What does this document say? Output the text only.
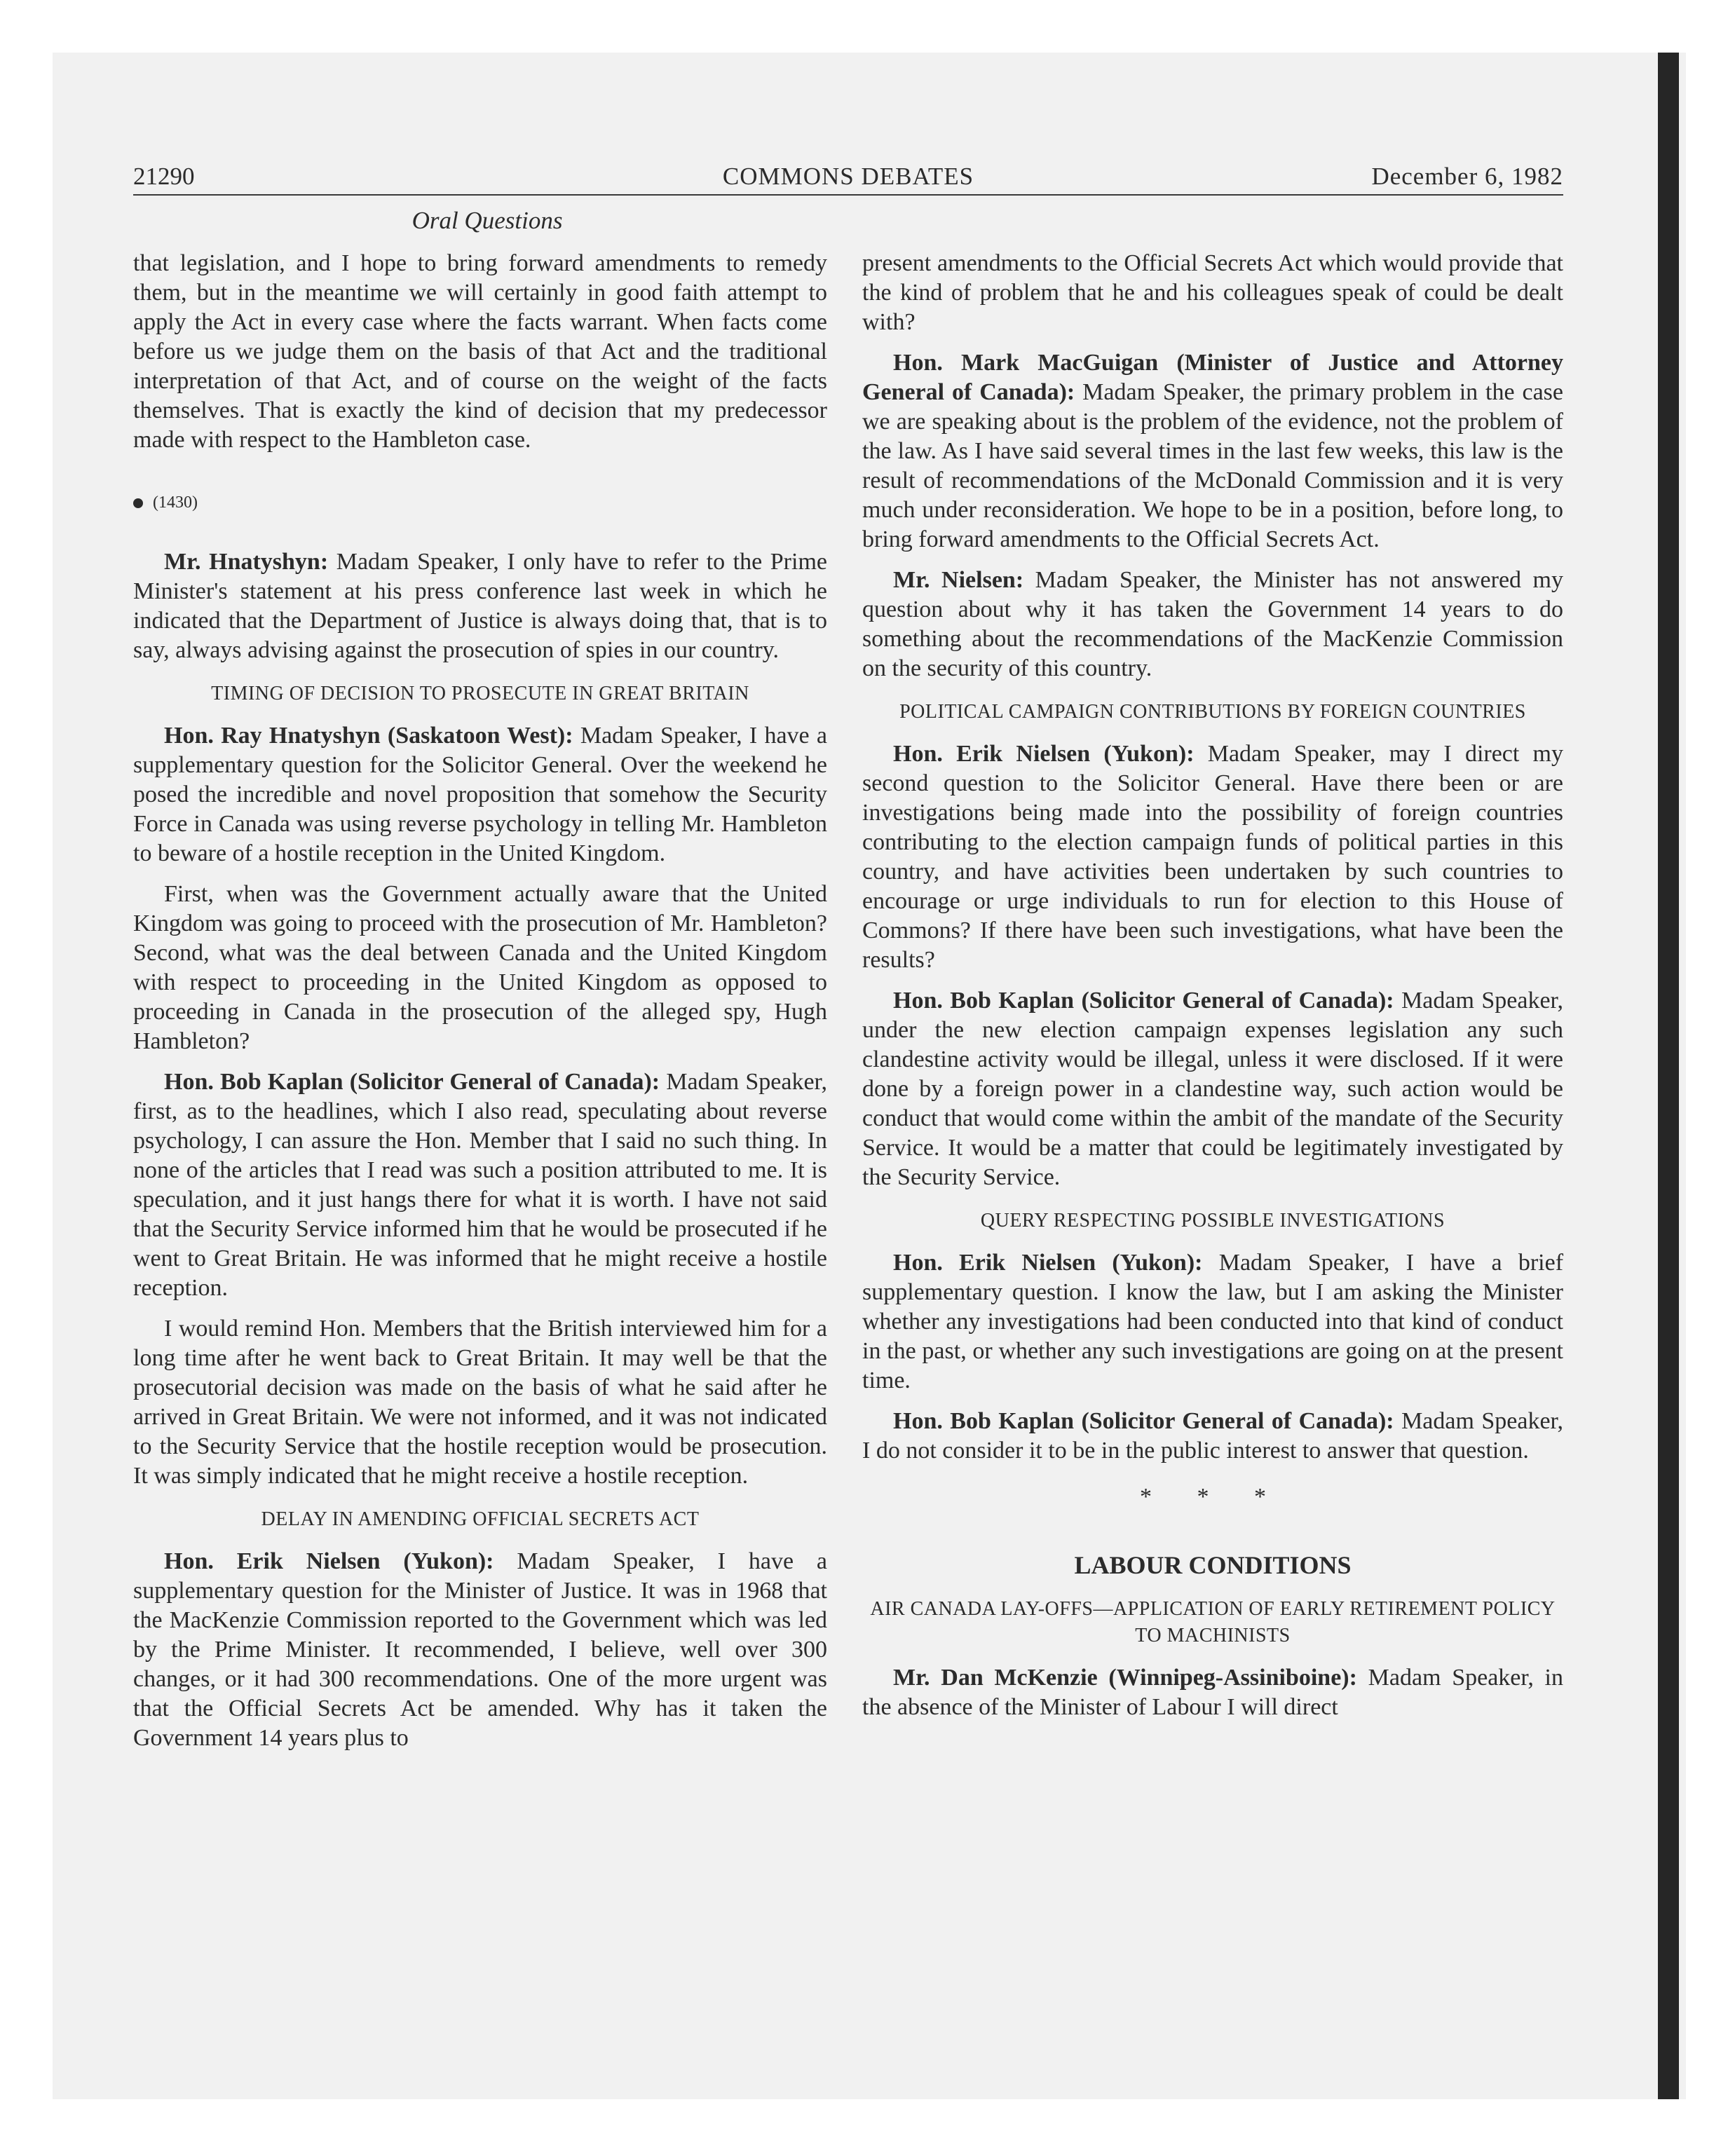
21290	COMMONS DEBATES	December 6, 1982
Oral Questions

that legislation, and I hope to bring forward amendments to remedy them, but in the meantime we will certainly in good faith attempt to apply the Act in every case where the facts warrant. When facts come before us we judge them on the basis of that Act and the traditional interpretation of that Act, and of course on the weight of the facts themselves. That is exactly the kind of decision that my predecessor made with respect to the Hambleton case.

(1430)

Mr. Hnatyshyn: Madam Speaker, I only have to refer to the Prime Minister's statement at his press conference last week in which he indicated that the Department of Justice is always doing that, that is to say, always advising against the prosecution of spies in our country.

TIMING OF DECISION TO PROSECUTE IN GREAT BRITAIN

Hon. Ray Hnatyshyn (Saskatoon West): Madam Speaker, I have a supplementary question for the Solicitor General. Over the weekend he posed the incredible and novel proposition that somehow the Security Force in Canada was using reverse psychology in telling Mr. Hambleton to beware of a hostile reception in the United Kingdom.

First, when was the Government actually aware that the United Kingdom was going to proceed with the prosecution of Mr. Hambleton? Second, what was the deal between Canada and the United Kingdom with respect to proceeding in the United Kingdom as opposed to proceeding in Canada in the prosecution of the alleged spy, Hugh Hambleton?

Hon. Bob Kaplan (Solicitor General of Canada): Madam Speaker, first, as to the headlines, which I also read, speculating about reverse psychology, I can assure the Hon. Member that I said no such thing. In none of the articles that I read was such a position attributed to me. It is speculation, and it just hangs there for what it is worth. I have not said that the Security Service informed him that he would be prosecuted if he went to Great Britain. He was informed that he might receive a hostile reception.

I would remind Hon. Members that the British interviewed him for a long time after he went back to Great Britain. It may well be that the prosecutorial decision was made on the basis of what he said after he arrived in Great Britain. We were not informed, and it was not indicated to the Security Service that the hostile reception would be prosecution. It was simply indicated that he might receive a hostile reception.

DELAY IN AMENDING OFFICIAL SECRETS ACT

Hon. Erik Nielsen (Yukon): Madam Speaker, I have a supplementary question for the Minister of Justice. It was in 1968 that the MacKenzie Commission reported to the Government which was led by the Prime Minister. It recommended, I believe, well over 300 changes, or it had 300 recommendations. One of the more urgent was that the Official Secrets Act be amended. Why has it taken the Government 14 years plus to

present amendments to the Official Secrets Act which would provide that the kind of problem that he and his colleagues speak of could be dealt with?

Hon. Mark MacGuigan (Minister of Justice and Attorney General of Canada): Madam Speaker, the primary problem in the case we are speaking about is the problem of the evidence, not the problem of the law. As I have said several times in the last few weeks, this law is the result of recommendations of the McDonald Commission and it is very much under reconsideration. We hope to be in a position, before long, to bring forward amendments to the Official Secrets Act.

Mr. Nielsen: Madam Speaker, the Minister has not answered my question about why it has taken the Government 14 years to do something about the recommendations of the MacKenzie Commission on the security of this country.

POLITICAL CAMPAIGN CONTRIBUTIONS BY FOREIGN COUNTRIES

Hon. Erik Nielsen (Yukon): Madam Speaker, may I direct my second question to the Solicitor General. Have there been or are investigations being made into the possibility of foreign countries contributing to the election campaign funds of political parties in this country, and have activities been undertaken by such countries to encourage or urge individuals to run for election to this House of Commons? If there have been such investigations, what have been the results?

Hon. Bob Kaplan (Solicitor General of Canada): Madam Speaker, under the new election campaign expenses legislation any such clandestine activity would be illegal, unless it were disclosed. If it were done by a foreign power in a clandestine way, such action would be conduct that would come within the ambit of the mandate of the Security Service. It would be a matter that could be legitimately investigated by the Security Service.

QUERY RESPECTING POSSIBLE INVESTIGATIONS

Hon. Erik Nielsen (Yukon): Madam Speaker, I have a brief supplementary question. I know the law, but I am asking the Minister whether any investigations had been conducted into that kind of conduct in the past, or whether any such investigations are going on at the present time.

Hon. Bob Kaplan (Solicitor General of Canada): Madam Speaker, I do not consider it to be in the public interest to answer that question.

* * *

LABOUR CONDITIONS
AIR CANADA LAY-OFFS—APPLICATION OF EARLY RETIREMENT POLICY TO MACHINISTS

Mr. Dan McKenzie (Winnipeg-Assiniboine): Madam Speaker, in the absence of the Minister of Labour I will direct
